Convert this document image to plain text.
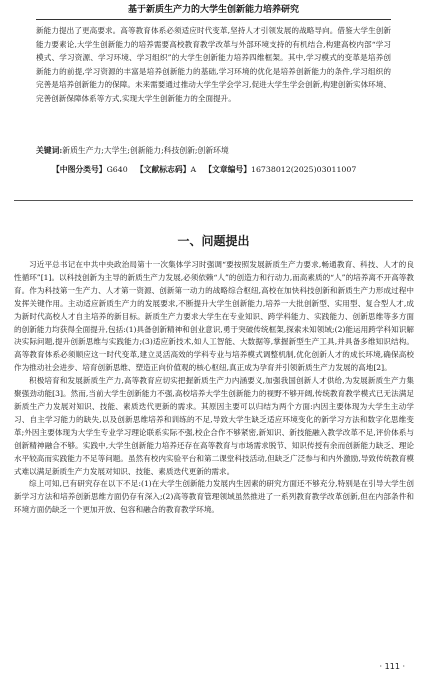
基于新质生产力的大学生创新能力培养研究

新能力提出了更高要求。高等教育体系必须适应时代变革,坚持人才引领发展的战略导向。借鉴大学生创新能力要素论,大学生创新能力的培养需要高校教育教学改革与外部环境支持的有机结合,构建高校内部“学习模式、学习资源、学习环境、学习组织”的大学生创新能力培养四维框架。其中,学习模式的变革是培养创新能力的前提,学习资源的丰富是培养创新能力的基础,学习环境的优化是培养创新能力的条件,学习组织的完善是培养创新能力的保障。未来需要通过推动大学生学会学习,促进大学生学会创新,构建创新实体环境、完善创新保障体系等方式,实现大学生创新能力的全面提升。

关键词:新质生产力;大学生;创新能力;科技创新;创新环境
【中图分类号】G640 【文献标志码】A 【文章编号】16738012(2025)03011007
一、问题提出

习近平总书记在中共中央政治局第十一次集体学习时强调“要按照发展新质生产力要求,畅通教育、科技、人才的良性循环”[1]。以科技创新为主导的新质生产力发展,必须依赖“人”的创造力和行动力,而高素质的“人”的培养离不开高等教育。作为科技第一生产力、人才第一资源、创新第一动力的战略综合枢纽,高校在加快科技创新和新质生产力形成过程中发挥关键作用。主动适应新质生产力的发展要求,不断提升大学生创新能力,培养一大批创新型、实用型、复合型人才,成为新时代高校人才自主培养的新目标。新质生产力要求大学生在专业知识、跨学科能力、实践能力、创新思维等多方面的创新能力均获得全面提升,包括:(1)具备创新精神和创业意识,勇于突破传统框架,探索未知领域;(2)能运用跨学科知识解决实际问题,提升创新思维与实践能力;(3)适应新技术,如人工智能、大数据等,掌握新型生产工具,并具备多维知识结构。高等教育体系必须顺应这一时代变革,建立灵活高效的学科专业与培养模式调整机制,优化创新人才的成长环境,确保高校作为推动社会进步、培育创新思维、塑造正向价值观的核心枢纽,真正成为孕育并引领新质生产力发展的高地[2]。

积极培育和发展新质生产力,高等教育应切实把握新质生产力内涵要义,加强我国创新人才供给,为发展新质生产力集聚强劲动能[3]。然而,当前大学生创新能力不强,高校培养大学生创新能力的视野不够开阔,传统教育教学模式已无法满足新质生产力发展对知识、技能、素质迭代更新的需求。其原因主要可以归结为两个方面:内因主要体现为大学生主动学习、自主学习能力的缺失,以及创新思维培养和训练的不足,导致大学生缺乏适应环境变化的新学习方法和数字化思维变革;外因主要体现为大学生专业学习理论联系实际不强,校企合作不够紧密,新知识、新技能融入教学改革不足,评价体系与创新精神融合不够。实践中,大学生创新能力培养还存在高等教育与市场需求脱节、知识传授有余而创新能力缺乏、理论水平较高而实践能力不足等问题。虽然有校内实验平台和第二课堂科技活动,但缺乏广泛参与和内外激励,导致传统教育模式难以满足新质生产力发展对知识、技能、素质迭代更新的需求。

综上可知,已有研究存在以下不足:(1)在大学生创新能力发展内生因素的研究方面还不够充分,特别是在引导大学生创新学习方法和培养创新思维方面仍存有深入;(2)高等教育管理领域虽然推进了一系列教育教学改革创新,但在内部条件和环境方面仍缺乏一个更加开放、包容和融合的教育教学环境。

· 111 ·
